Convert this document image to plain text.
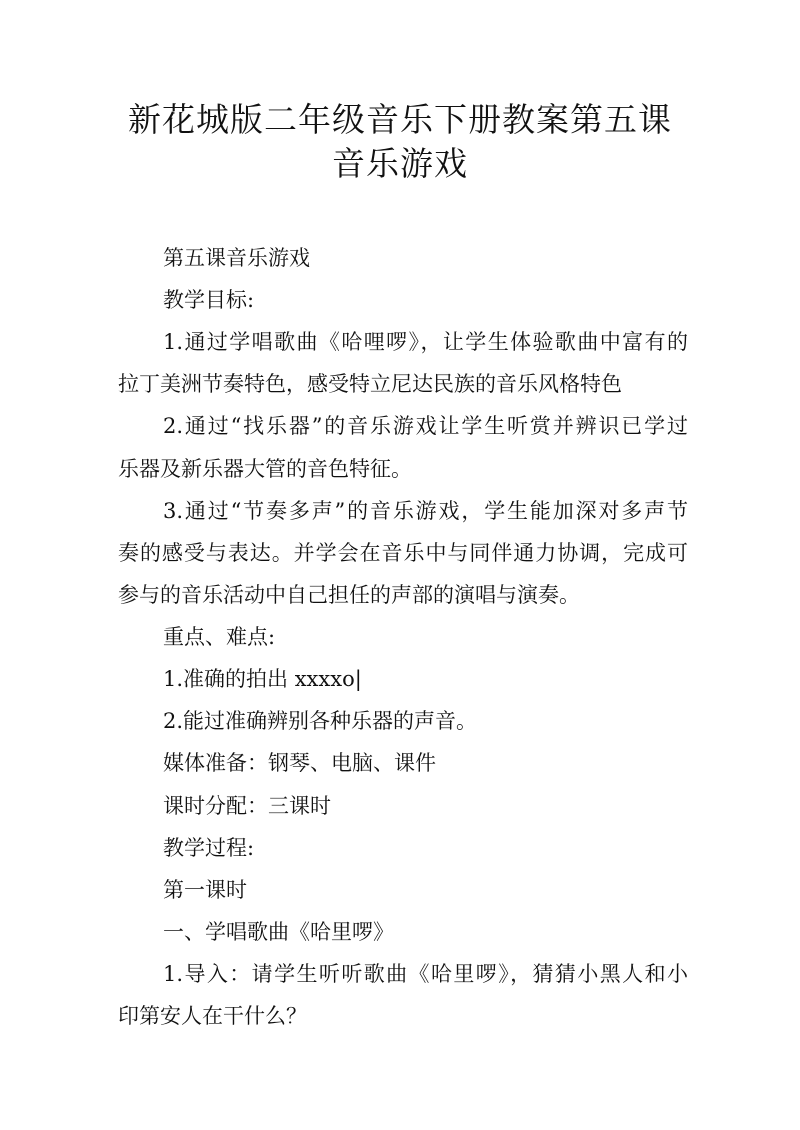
新花城版二年级音乐下册教案第五课
音乐游戏
第五课音乐游戏
教学目标:
1.通过学唱歌曲《哈哩啰》，让学生体验歌曲中富有的
拉丁美洲节奏特色，感受特立尼达民族的音乐风格特色
2.通过“找乐器”的音乐游戏让学生听赏并辨识已学过
乐器及新乐器大管的音色特征。
3.通过“节奏多声”的音乐游戏，学生能加深对多声节
奏的感受与表达。并学会在音乐中与同伴通力协调，完成可
参与的音乐活动中自己担任的声部的演唱与演奏。
重点、难点:
1.准确的拍出 xxxxo|
2.能过准确辨别各种乐器的声音。
媒体准备：钢琴、电脑、课件
课时分配：三课时
教学过程:
第一课时
一、学唱歌曲《哈里啰》
1.导入：请学生听听歌曲《哈里啰》，猜猜小黑人和小
印第安人在干什么？
